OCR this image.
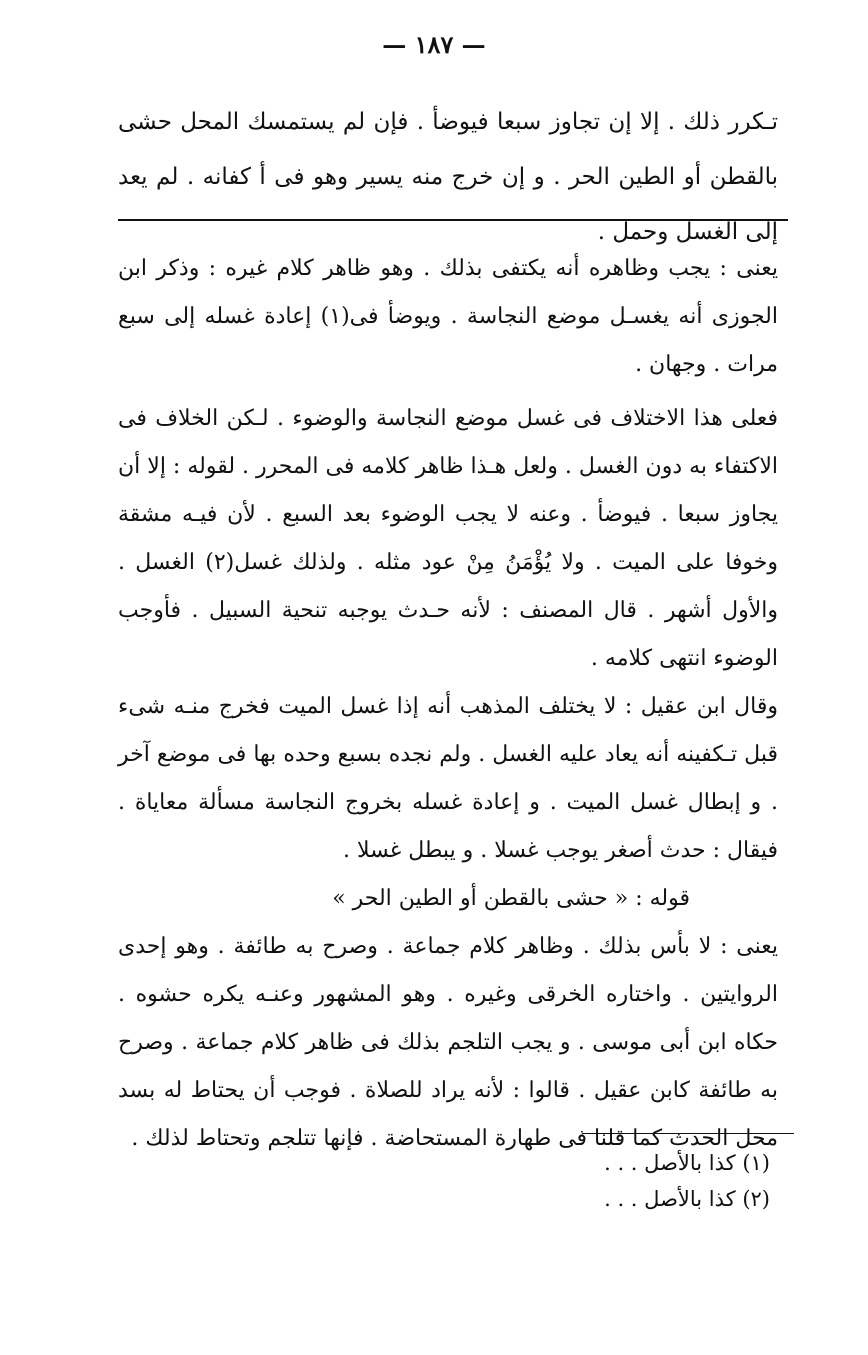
— ١٨٧ —

تـكرر ذلك . إلا إن تجاوز سبعا فيوضأ . فإن لم يستمسك المحل حشى بالقطن أو الطين الحر . و إن خرج منه يسير وهو فى أ كفانه . لم يعد إلى الغسل وحمل .

يعنى : يجب وظاهره أنه يكتفى بذلك . وهو ظاهر كلام غيره : وذكر ابن الجوزى أنه يغسـل موضع النجاسة . ويوضأ فى(١) إعادة غسله إلى سبع مرات . وجهان .

فعلى هذا الاختلاف فى غسل موضع النجاسة والوضوء . لـكن الخلاف فى الاكتفاء به دون الغسل . ولعل هـذا ظاهر كلامه فى المحرر . لقوله : إلا أن يجاوز سبعا . فيوضأ . وعنه لا يجب الوضوء بعد السبع . لأن فيـه مشقة وخوفا على الميت . ولا يُؤْمَنُ مِنْ عود مثله . ولذلك غسل(٢) الغسل . والأول أشهر . قال المصنف : لأنه حـدث يوجبه تنحية السبيل . فأوجب الوضوء انتهى كلامه .

وقال ابن عقيل : لا يختلف المذهب أنه إذا غسل الميت فخرج منـه شىء قبل تـكفينه أنه يعاد عليه الغسل . ولم نجده بسبع وحده بها فى موضع آخر . و إبطال غسل الميت . و إعادة غسله بخروج النجاسة مسألة معاياة . فيقال : حدث أصغر يوجب غسلا . و يبطل غسلا .

قوله : « حشى بالقطن أو الطين الحر »

يعنى : لا بأس بذلك . وظاهر كلام جماعة . وصرح به طائفة . وهو إحدى الروايتين . واختاره الخرقى وغيره . وهو المشهور وعنـه يكره حشوه . حكاه ابن أبى موسى . و يجب التلجم بذلك فى ظاهر كلام جماعة . وصرح به طائفة كابن عقيل . قالوا : لأنه يراد للصلاة . فوجب أن يحتاط له بسد محل الحدث كما قلنا فى طهارة المستحاضة . فإنها تتلجم وتحتاط لذلك .

(١) كذا بالأصل . . .

(٢) كذا بالأصل . . .
